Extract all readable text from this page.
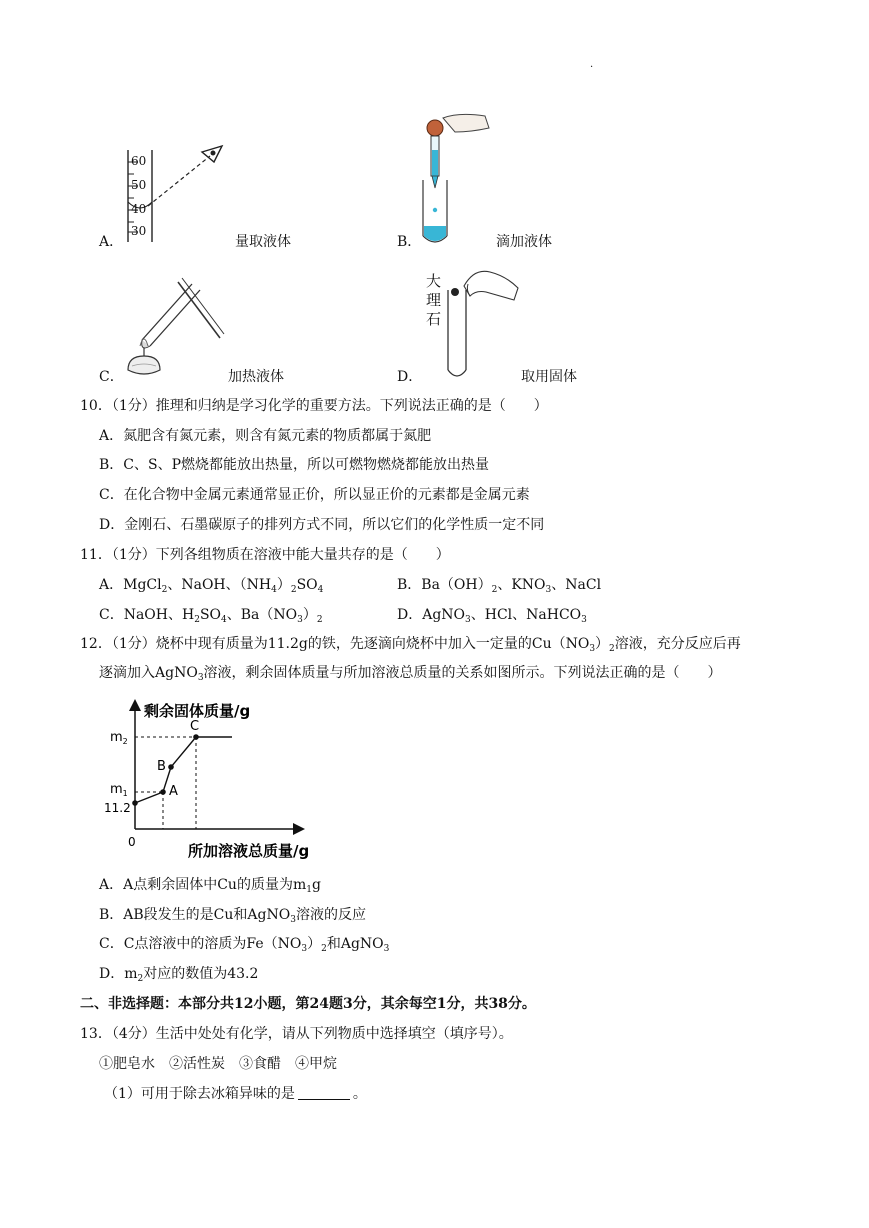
.
60
50
40
30
A．	量取液体	B．	滴加液体
C．	加热液体
大
理
石
D．	取用固体
10．（1分）推理和归纳是学习化学的重要方法。下列说法正确的是（　　）
A．氮肥含有氮元素，则含有氮元素的物质都属于氮肥
B．C、S、P燃烧都能放出热量，所以可燃物燃烧都能放出热量
C．在化合物中金属元素通常显正价，所以显正价的元素都是金属元素
D．金刚石、石墨碳原子的排列方式不同，所以它们的化学性质一定不同
11．（1分）下列各组物质在溶液中能大量共存的是（　　）
A．MgCl$_2$、NaOH、$(NH_4)_2SO_4$	B．$Ba(OH)_2$、$KNO_3$、NaCl
C．NaOH、$H_2SO_4$、$Ba(NO_3)_2$	D．AgNO$_3$、HCl、NaHCO$_3$
12．（1分）烧杯中现有质量为11.2g的铁，先逐滴向烧杯中加入一定量的$Cu(NO_3)_2$溶液，充分反应后再
逐滴加入AgNO$_3$溶液，剩余固体质量与所加溶液总质量的关系如图所示。下列说法正确的是（　　）
剩余固体质量/g
所加溶液总质量/g
0
$m_2$
$m_1$
11.2
A
B
C
A．A点剩余固体中Cu的质量为$m_1g$
B．AB段发生的是Cu和AgNO$_3$溶液的反应
C．C点溶液中的溶质为$Fe(NO_3)_2$和AgNO$_3$
D．$m_2$对应的数值为43.2
二、非选择题：本部分共12小题，第24题3分，其余每空1分，共38分。
13．（4分）生活中处处有化学，请从下列物质中选择填空（填序号）。
①肥皂水　②活性炭　③食醋　④甲烷
（1）可用于除去冰箱异味的是	。
